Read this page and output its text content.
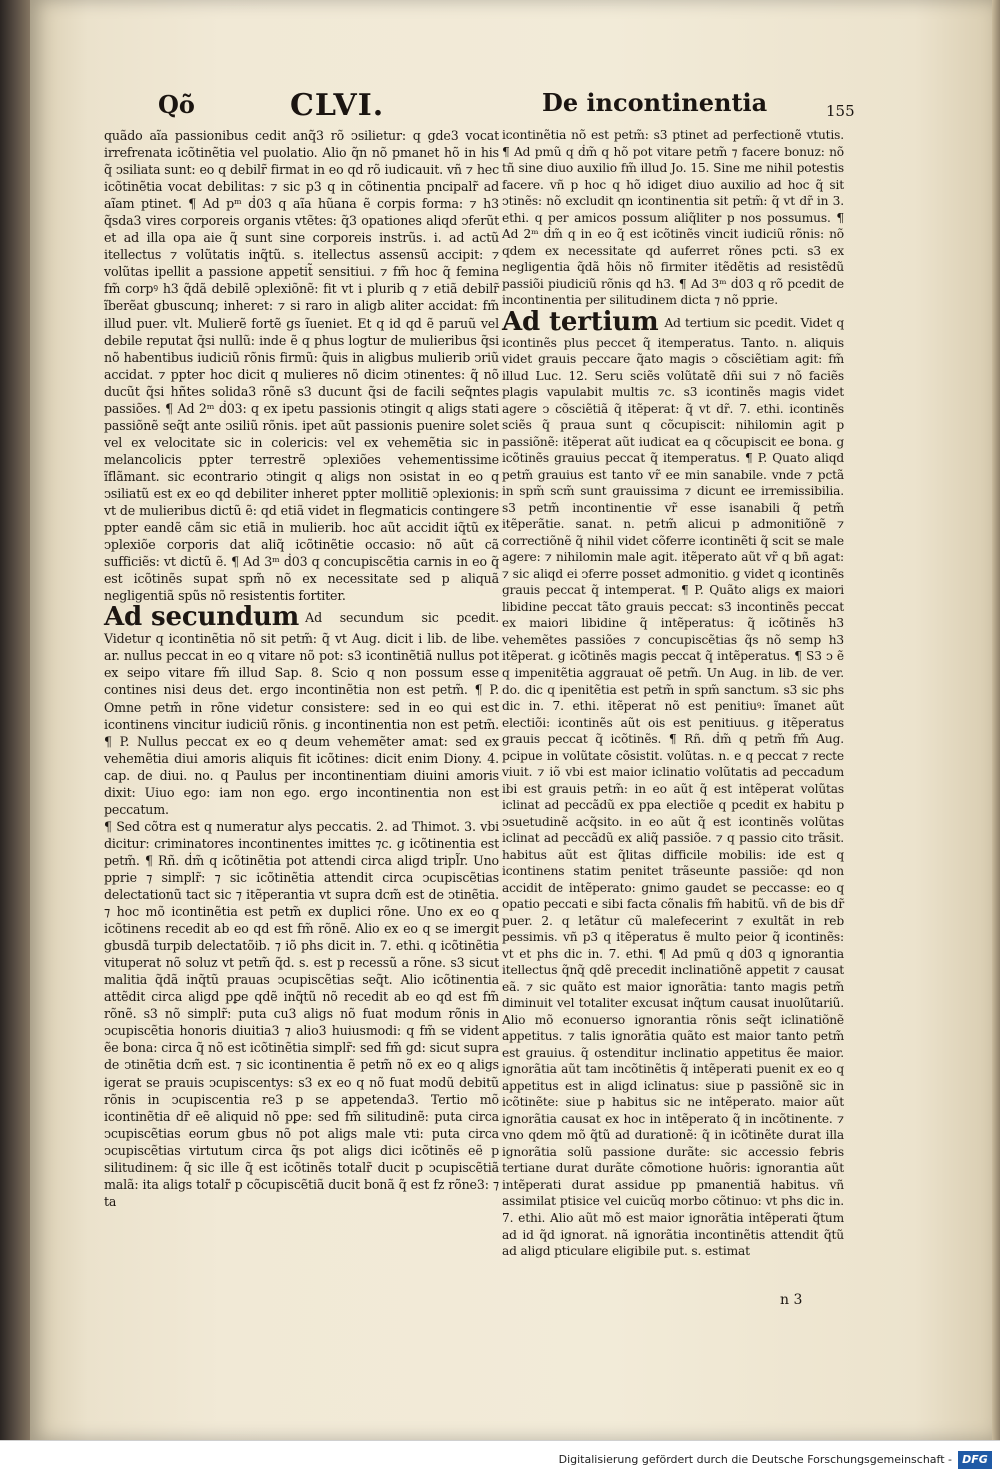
Qõ	CLVI.	De incontinentia	155

quãdo aĩa passionibus cedit anq̃3 rõ ↄsilietur: q gde3 vocat irrefrenata icõtinẽtia vel puolatio. Alio q̃n nõ pmanet hõ in his q̃ ↄsiliata sunt: eo q debilr̃ firmat in eo qd rõ iudicauit. vñ ⁊ hec icõtinẽtia vocat debilitas: ⁊ sic p3 q in cõtinentia pncipalr̃ ad aĩam ptinet. ¶ Ad pᵐ ḋ03 q aĩa hũana ẽ corpis forma: ⁊ h3 q̃sda3 vires corporeis organis vtẽtes: q̃3 opationes aliqd ↄferũt et ad illa opa aie q̃ sunt sine corporeis instrũs. i. ad actũ itellectus ⁊ volũtatis inq̃tũ. s. itellectus assensũ accipit: ⁊ volũtas ipellit a passione appetit̃ sensitiui. ⁊ fm̃ hoc q̃ femina fm̃ corpꝰ h3 q̃dã debilẽ ↄplexiõnẽ: fit vt i plurib q ⁊ etiã debilr̃ ĩberẽat gbuscunq; inheret: ⁊ si raro in aligb aliter accidat: fm̃ illud puer. vlt. Mulierẽ fortẽ gs ĩueniet. Et q id qd ẽ paruũ vel debile reputat q̃si nullũ: inde ẽ q phus logtur de mulieribus q̃si nõ habentibus iudiciũ rõnis firmũ: q̃uis in aligbus mulierib ↄriũ accidat. ⁊ ppter hoc dicit q mulieres nõ dicim ↄtinentes: q̃ nõ ducũt q̃si hñtes solida3 rõnẽ s3 ducunt q̃si de facili seq̃ntes passiões. ¶ Ad 2ᵐ ḋ03: q ex ipetu passionis ↄtingit q aligs stati passiõnẽ seq̃t ante ↄsiliũ rõnis. ipet aũt passionis puenire solet vel ex velocitate sic in colericis: vel ex vehemẽtia sic in melancolicis ppter terrestrẽ ↄplexiões vehementissime ĩflãmant. sic econtrario ↄtingit q aligs non ↄsistat in eo q ↄsiliatũ est ex eo qd debiliter inheret ppter mollitiẽ ↄplexionis: vt de mulieribus dictũ ẽ: qd etiã videt in flegmaticis contingere ppter eandẽ cãm sic etiã in mulierib. hoc aũt accidit iq̃tũ ex ↄplexiõe corporis dat aliq̃ icõtinẽtie occasio: nõ aũt cã sufficiẽs: vt dictũ ẽ. ¶ Ad 3ᵐ ḋ03 q concupiscẽtia carnis in eo q̃ est icõtinẽs supat spm̃ nõ ex necessitate sed p aliquã negligentiã spũs nõ resistentis fortiter.

Ad secundum Ad secundum sic pcedit. Videtur q icontinẽtia nõ sit petm̃: q̃ vt Aug. dicit i lib. de libe. ar. nullus peccat in eo q vitare nõ pot: s3 icontinẽtiã nullus pot ex seipo vitare fm̃ illud Sap. 8. Scio q non possum esse contines nisi deus det. ergo incontinẽtia non est petm̃. ¶ P. Omne petm̃ in rõne videtur consistere: sed in eo qui est icontinens vincitur iudiciũ rõnis. g incontinentia non est petm̃. ¶ P. Nullus peccat ex eo q deum vehemẽter amat: sed ex vehemẽtia diui amoris aliquis fit icõtines: dicit enim Diony. 4. cap. de diui. no. q Paulus per incontinentiam diuini amoris dixit: Uiuo ego: iam non ego. ergo incontinentia non est peccatum.

¶ Sed cõtra est q numeratur alys peccatis. 2. ad Thimot. 3. vbi dicitur: criminatores incontinentes imittes ⁊c. g icõtinentia est petm̃. ¶ Rñ. ḋm̃ q icõtinẽtia pot attendi circa aligd tripl̃r. Uno pprie ⁊ simplr̃: ⁊ sic icõtinẽtia attendit circa ↄcupiscẽtias delectationũ tact sic ⁊ itẽperantia vt supra dcm̃ est de ↄtinẽtia. ⁊ hoc mõ icontinẽtia est petm̃ ex duplici rõne. Uno ex eo q icõtinens recedit ab eo qd est fm̃ rõnẽ. Alio ex eo q se imergit gbusdã turpib delectatõib. ⁊ iõ phs dicit in. 7. ethi. q icõtinẽtia vituperat nõ soluz vt petm̃ q̃d. s. est p recessũ a rõne. s3 sicut malitia q̃dã inq̃tũ prauas ↄcupiscẽtias seq̃t. Alio icõtinentia attẽdit circa aligd pꝑe qdẽ inq̃tũ nõ recedit ab eo qd est fm̃ rõnẽ. s3 nõ simplr̃: puta cu3 aligs nõ fuat modum rõnis in ↄcupiscẽtia honoris diuitia3 ⁊ alio3 huiusmodi: q fm̃ se vident ẽe bona: circa q̃ nõ est icõtinẽtia simplr̃: sed fm̃ gd: sicut supra de ↄtinẽtia dcm̃ est. ⁊ sic icontinentia ẽ petm̃ nõ ex eo q aligs igerat se prauis ↄcupiscentys: s3 ex eo q nõ fuat modũ debitũ rõnis in ↄcupiscentia re3 p se appetenda3. Tertio mõ icontinẽtia dr̃ eẽ aliquid nõ pꝑe: sed fm̃ silitudinẽ: puta circa ↄcupiscẽtias eorum gbus nõ pot aligs male vti: puta circa ↄcupiscẽtias virtutum circa q̃s pot aligs dici icõtinẽs eẽ p silitudinem: q̃ sic ille q̃ est icõtinẽs totalr̃ ducit p ↄcupiscẽtiã malã: ita aligs totalr̃ p cõcupiscẽtiã ducit bonã q̃ est fz rõne3: ⁊ ta

icontinẽtia nõ est petm̃: s3 ptinet ad perfectionẽ vtutis. ¶ Ad pmũ q ḋm̃ q hõ pot vitare petm̃ ⁊ facere bonuz: nõ tñ sine diuo auxilio fm̃ illud Jo. 15. Sine me nihil potestis facere. vñ p hoc q hõ idiget diuo auxilio ad hoc q̃ sit ↄtinẽs: nõ excludit qn icontinentia sit petm̃: q̃ vt dr̃ in 3. ethi. q per amicos possum aliq̃liter p nos possumus. ¶ Ad 2ᵐ ḋm̃ q in eo q̃ est icõtinẽs vincit iudiciũ rõnis: nõ qdem ex necessitate qd auferret rõnes pcti. s3 ex negligentia q̃dã hõis nõ firmiter itẽdẽtis ad resistẽdũ passiõi piudiciũ rõnis qd h3. ¶ Ad 3ᵐ ḋ03 q rõ pcedit de incontinentia per silitudinem dicta ⁊ nõ pprie.

Ad tertium Ad tertium sic pcedit. Videt q icontinẽs plus peccet q̃ itemperatus. Tanto. n. aliquis videt grauis peccare q̃ato magis ↄ cõsciẽtiam agit: fm̃ illud Luc. 12. Seru sciẽs volũtatẽ dñi sui ⁊ nõ faciẽs plagis vapulabit multis ⁊c. s3 icontinẽs magis videt agere ↄ cõsciẽtiã q̃ itẽperat: q̃ vt dr̃. 7. ethi. icontinẽs sciẽs q̃ praua sunt q cõcupiscit: nihilomin agit p passiõnẽ: itẽperat aũt iudicat ea q cõcupiscit ee bona. g icõtinẽs grauius peccat q̃ itemperatus. ¶ P. Quato aliqd petm̃ grauius est tanto vr̃ ee min sanabile. vnde ⁊ pctã in spm̃ scm̃ sunt grauissima ⁊ dicunt ee irremissibilia. s3 petm̃ incontinentie vr̃ esse isanabili q̃ petm̃ itẽperãtie. sanat. n. petm̃ alicui p admonitiõnẽ ⁊ correctiõnẽ q̃ nihil videt cõferre icontinẽti q̃ scit se male agere: ⁊ nihilomin male agit. itẽperato aũt vr̃ q bñ agat: ⁊ sic aliqd ei ↄferre posset admonitio. g videt q icontinẽs grauis peccat q̃ intemperat. ¶ P. Quãto aligs ex maiori libidine peccat tãto grauis peccat: s3 incontinẽs peccat ex maiori libidine q̃ intẽperatus: q̃ icõtinẽs h3 vehemẽtes passiões ⁊ concupiscẽtias q̃s nõ semp h3 itẽperat. g icõtinẽs magis peccat q̃ intẽperatus. ¶ S3 ↄ ẽ q impenitẽtia aggrauat oẽ petm̃. Un Aug. in lib. de ver. do. dic q ipenitẽtia est petm̃ in spm̃ sanctum. s3 sic phs dic in. 7. ethi. itẽperat nõ est penitiuꝰ: ĩmanet aũt electiõi: icontinẽs aũt ois est penitiuus. g itẽperatus grauis peccat q̃ icõtinẽs. ¶ Rñ. ḋm̃ q petm̃ fm̃ Aug. pcipue in volũtate cõsistit. volũtas. n. e q peccat ⁊ recte viuit. ⁊ iõ vbi est maior iclinatio volũtatis ad peccadum ibi est grauis petm̃: in eo aũt q̃ est intẽperat volũtas iclinat ad peccãdũ ex ppa electiõe q pcedit ex habitu p ↄsuetudinẽ acq̃sito. in eo aũt q̃ est icontinẽs volũtas iclinat ad peccãdũ ex aliq̃ passiõe. ⁊ q passio cito trãsit. habitus aũt est q̃litas difficile mobilis: ide est q icontinens statim penitet trãseunte passiõe: qd non accidit de intẽperato: gnimo gaudet se peccasse: eo q opatio peccati e sibi facta cõnalis fm̃ habitũ. vñ de bis dr̃ puer. 2. q letãtur cũ malefecerint ⁊ exultãt in reb pessimis. vñ p3 q itẽperatus ẽ multo peior q̃ icontinẽs: vt et phs dic in. 7. ethi. ¶ Ad pmũ q ḋ03 q ignorantia itellectus q̃nq̃ qdẽ precedit inclinatiõnẽ appetit ⁊ causat eã. ⁊ sic quãto est maior ignorãtia: tanto magis petm̃ diminuit vel totaliter excusat inq̃tum causat inuolũtariũ. Alio mõ econuerso ignorantia rõnis seq̃t iclinatiõnẽ appetitus. ⁊ talis ignorãtia quãto est maior tanto petm̃ est grauius. q̃ ostenditur inclinatio appetitus ẽe maior. ignorãtia aũt tam incõtinẽtis q̃ intẽperati puenit ex eo q appetitus est in aligd iclinatus: siue p passiõnẽ sic in icõtinẽte: siue p habitus sic ne intẽperato. maior aũt ignorãtia causat ex hoc in intẽperato q̃ in incõtinente. ⁊ vno qdem mõ q̃tũ ad durationẽ: q̃ in icõtinẽte durat illa ignorãtia solũ passione durãte: sic accessio febris tertiane durat durãte cõmotione huõris: ignorantia aũt intẽperati durat assidue pp pmanentiã habitus. vñ assimilat ptisice vel cuicũq morbo cõtinuo: vt phs dic in. 7. ethi. Alio aũt mõ est maior ignorãtia intẽperati q̃tum ad id q̃d ignorat. nã ignorãtia incontinẽtis attendit q̃tũ ad aligd pticulare eligibile put. s. estimat

n 3
Digitalisierung gefördert durch die Deutsche Forschungsgemeinschaft - DFG
